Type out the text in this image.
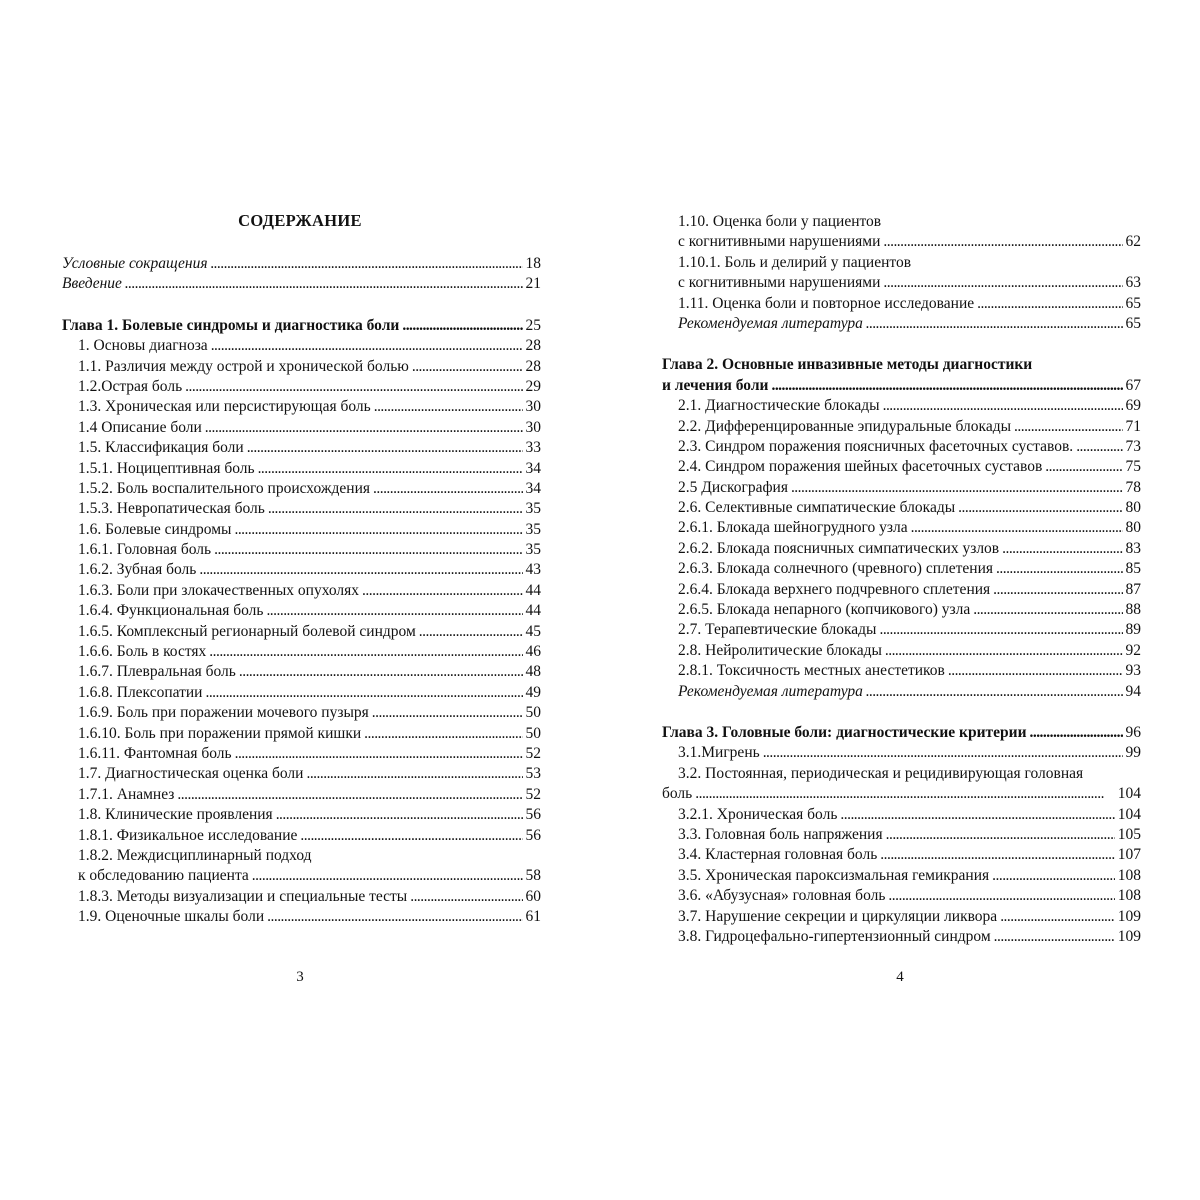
СОДЕРЖАНИЕ
Условные сокращения . . .	18
Введение . . .	21
Глава 1. Болевые синдромы и диагностика боли . . .	25
1. Основы диагноза . . .	28
1.1. Различия между острой и хронической болью . . .	28
1.2.Острая боль . . .	29
1.3. Хроническая или персистирующая боль . . .	30
1.4 Описание боли . . .	30
1.5. Классификация боли . . .	33
1.5.1. Ноцицептивная боль . . .	34
1.5.2. Боль воспалительного происхождения . . .	34
1.5.3. Невропатическая боль . . .	35
1.6. Болевые синдромы . . .	35
1.6.1. Головная боль . . .	35
1.6.2. Зубная боль . . .	43
1.6.3. Боли при злокачественных опухолях . . .	44
1.6.4. Функциональная боль . . .	44
1.6.5. Комплексный регионарный болевой синдром . . .	45
1.6.6. Боль в костях . . .	46
1.6.7. Плевральная боль . . .	48
1.6.8. Плексопатии . . .	49
1.6.9. Боль при поражении мочевого пузыря . . .	50
1.6.10. Боль при поражении прямой кишки . . .	50
1.6.11. Фантомная боль . . .	52
1.7. Диагностическая оценка боли . . .	53
1.7.1. Анамнез . . .	52
1.8. Клинические проявления . . .	56
1.8.1. Физикальное исследование . . .	56
1.8.2. Междисциплинарный подход
к обследованию пациента . . .	58
1.8.3. Методы визуализации и специальные тесты . . .	60
1.9. Оценочные шкалы боли . . .	61
3
1.10. Оценка боли у пациентов
с когнитивными нарушениями . . .	62
1.10.1. Боль и делирий у пациентов
с когнитивными нарушениями . . .	63
1.11. Оценка боли и повторное исследование . . .	65
Рекомендуемая литература . . .	65
Глава 2. Основные инвазивные методы диагностики
и лечения боли . . .	67
2.1. Диагностические блокады . . .	69
2.2. Дифференцированные эпидуральные блокады . . .	71
2.3. Синдром поражения поясничных фасеточных суставов. . . .	73
2.4. Синдром поражения шейных фасеточных суставов . . .	75
2.5 Дискография . . .	78
2.6. Селективные симпатические блокады . . .	80
2.6.1. Блокада шейногрудного узла . . .	80
2.6.2. Блокада поясничных симпатических узлов . . .	83
2.6.3. Блокада солнечного (чревного) сплетения . . .	85
2.6.4. Блокада верхнего подчревного сплетения . . .	87
2.6.5. Блокада непарного (копчикового) узла . . .	88
2.7. Терапевтические блокады . . .	89
2.8. Нейролитические блокады . . .	92
2.8.1. Токсичность местных анестетиков . . .	93
Рекомендуемая литература . . .	94
Глава 3. Головные боли: диагностические критерии . . .	96
3.1.Мигрень . . .	99
3.2. Постоянная, периодическая и рецидивирующая головная
боль . . .	104
3.2.1. Хроническая боль . . .	104
3.3. Головная боль напряжения . . .	105
3.4. Кластерная головная боль . . .	107
3.5. Хроническая пароксизмальная гемикрания . . .	108
3.6. «Абузусная» головная боль . . .	108
3.7. Нарушение секреции и циркуляции ликвора . . .	109
3.8. Гидроцефально-гипертензионный синдром . . .	109
4
